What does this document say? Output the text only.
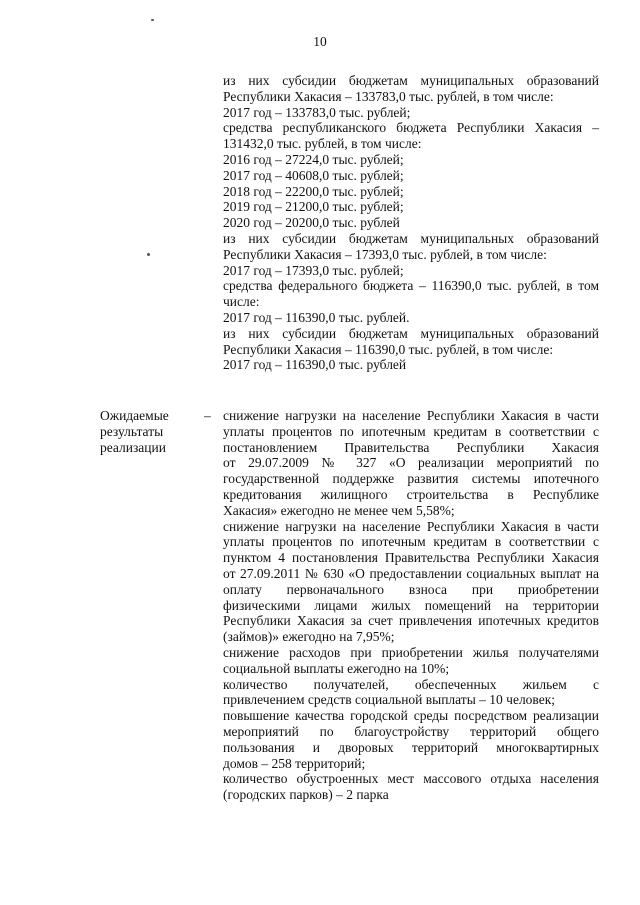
10
из них субсидии бюджетам муниципальных образований
Республики Хакасия – 133783,0 тыс. рублей, в том числе:
2017 год – 133783,0 тыс. рублей;
средства республиканского бюджета Республики Хакасия –
131432,0 тыс. рублей, в том числе:
2016 год – 27224,0 тыс. рублей;
2017 год – 40608,0 тыс. рублей;
2018 год – 22200,0 тыс. рублей;
2019 год – 21200,0 тыс. рублей;
2020 год – 20200,0 тыс. рублей
из них субсидии бюджетам муниципальных образований
Республики Хакасия – 17393,0 тыс. рублей, в том числе:
2017 год – 17393,0 тыс. рублей;
средства федерального бюджета – 116390,0 тыс. рублей, в том
числе:
2017 год – 116390,0 тыс. рублей.
из них субсидии бюджетам муниципальных образований
Республики Хакасия – 116390,0 тыс. рублей, в том числе:
2017 год – 116390,0 тыс. рублей
Ожидаемые
результаты
реализации
– снижение нагрузки на население Республики Хакасия в части
уплаты процентов по ипотечным кредитам в соответствии с
постановлением Правительства Республики Хакасия
от 29.07.2009 № 327 «О реализации мероприятий по
государственной поддержке развития системы ипотечного
кредитования жилищного строительства в Республике
Хакасия» ежегодно не менее чем 5,58%;
снижение нагрузки на население Республики Хакасия в части
уплаты процентов по ипотечным кредитам в соответствии с
пунктом 4 постановления Правительства Республики Хакасия
от 27.09.2011 № 630 «О предоставлении социальных выплат на
оплату первоначального взноса при приобретении
физическими лицами жилых помещений на территории
Республики Хакасия за счет привлечения ипотечных кредитов
(займов)» ежегодно на 7,95%;
снижение расходов при приобретении жилья получателями
социальной выплаты ежегодно на 10%;
количество получателей, обеспеченных жильем с
привлечением средств социальной выплаты – 10 человек;
повышение качества городской среды посредством реализации
мероприятий по благоустройству территорий общего
пользования и дворовых территорий многоквартирных
домов – 258 территорий;
количество обустроенных мест массового отдыха населения
(городских парков) – 2 парка
